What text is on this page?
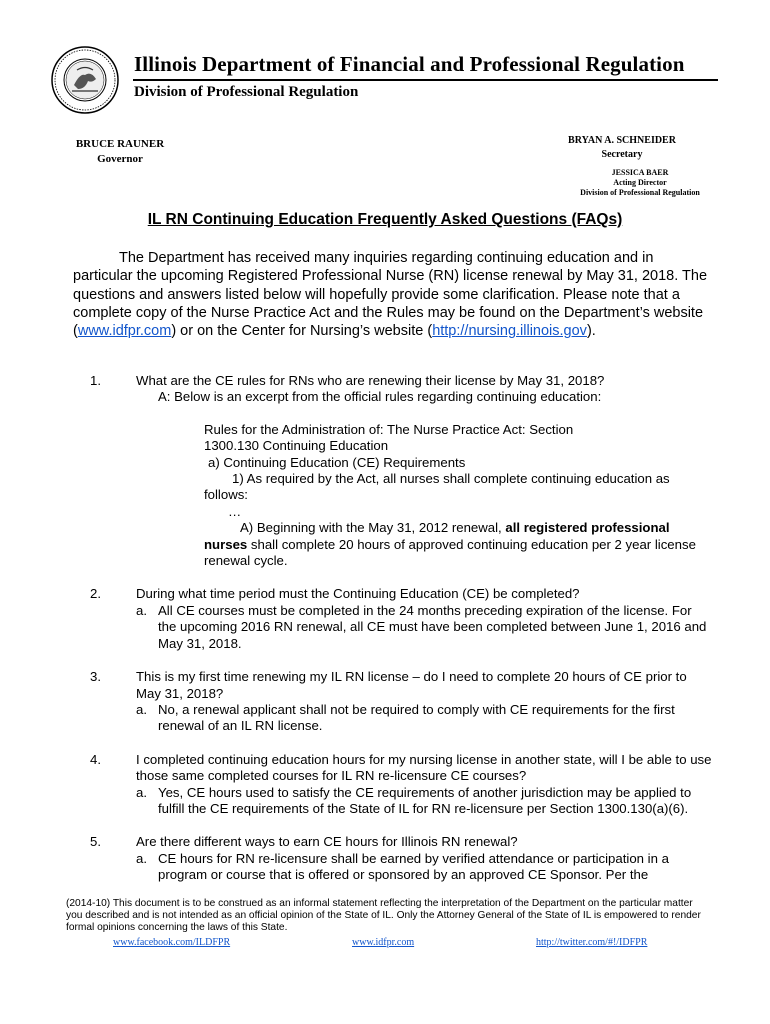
Illinois Department of Financial and Professional Regulation
Division of Professional Regulation
BRUCE RAUNER
Governor
BRYAN A. SCHNEIDER
Secretary
JESSICA BAER
Acting Director
Division of Professional Regulation
IL RN Continuing Education Frequently Asked Questions (FAQs)

The Department has received many inquiries regarding continuing education and in particular the upcoming Registered Professional Nurse (RN) license renewal by May 31, 2018. The questions and answers listed below will hopefully provide some clarification. Please note that a complete copy of the Nurse Practice Act and the Rules may be found on the Department’s website (www.idfpr.com) or on the Center for Nursing’s website (http://nursing.illinois.gov).

1.	What are the CE rules for RNs who are renewing their license by May 31, 2018?
A: Below is an excerpt from the official rules regarding continuing education:
Rules for the Administration of: The Nurse Practice Act: Section
1300.130 Continuing Education
a) Continuing Education (CE) Requirements
1) As required by the Act, all nurses shall complete continuing education as
follows:
…
A) Beginning with the May 31, 2012 renewal, all registered professional
nurses shall complete 20 hours of approved continuing education per 2 year license renewal cycle.
2.	During what time period must the Continuing Education (CE) be completed?
a. All CE courses must be completed in the 24 months preceding expiration of the license. For the upcoming 2016 RN renewal, all CE must have been completed between June 1, 2016 and May 31, 2018.
3.	This is my first time renewing my IL RN license – do I need to complete 20 hours of CE prior to May 31, 2018?
a. No, a renewal applicant shall not be required to comply with CE requirements for the first renewal of an IL RN license.
4.	I completed continuing education hours for my nursing license in another state, will I be able to use those same completed courses for IL RN re-licensure CE courses?
a. Yes, CE hours used to satisfy the CE requirements of another jurisdiction may be applied to fulfill the CE requirements of the State of IL for RN re-licensure per Section 1300.130(a)(6).
5.	Are there different ways to earn CE hours for Illinois RN renewal?
a. CE hours for RN re-licensure shall be earned by verified attendance or participation in a program or course that is offered or sponsored by an approved CE Sponsor. Per the
(2014-10) This document is to be construed as an informal statement reflecting the interpretation of the Department on the particular matter you described and is not intended as an official opinion of the State of IL. Only the Attorney General of the State of IL is empowered to render formal opinions concerning the laws of this State.
www.facebook.com/ILDFPR	www.idfpr.com	http://twitter.com/#!/IDFPR
